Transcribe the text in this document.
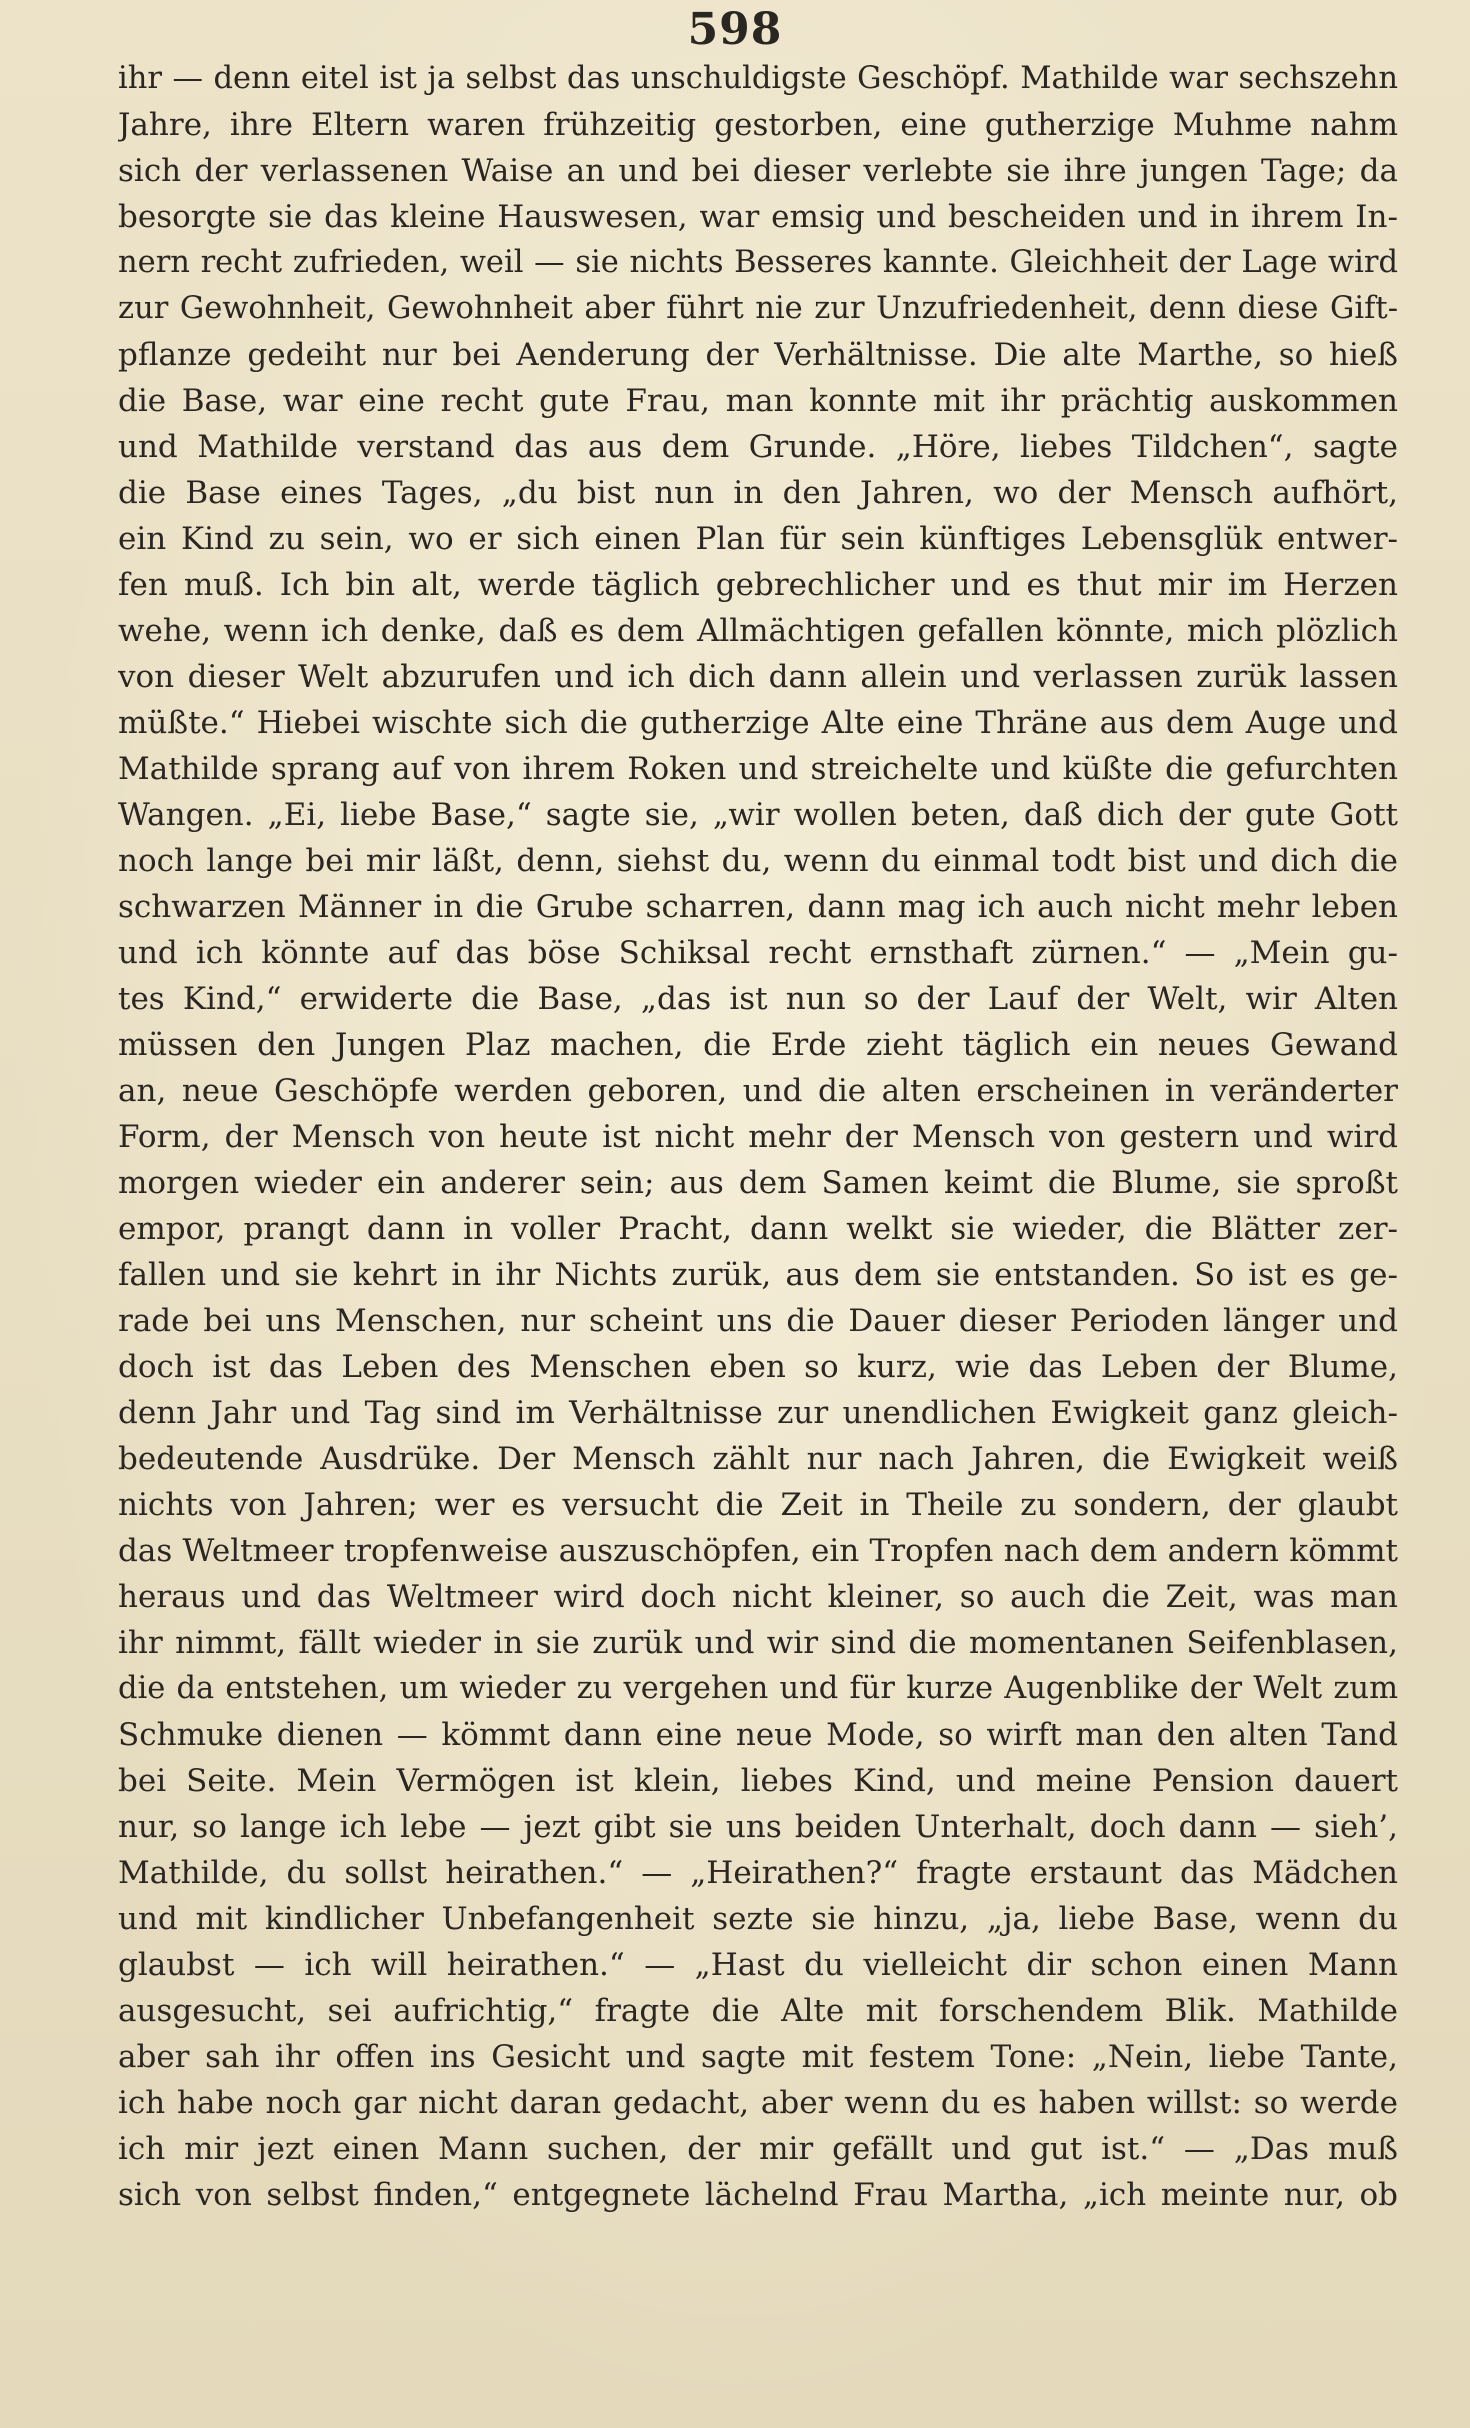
598
ihr — denn eitel ist ja selbst das unschuldigste Geschöpf. Mathilde war sechszehn
Jahre, ihre Eltern waren frühzeitig gestorben, eine gutherzige Muhme nahm
sich der verlassenen Waise an und bei dieser verlebte sie ihre jungen Tage; da
besorgte sie das kleine Hauswesen, war emsig und bescheiden und in ihrem In-
nern recht zufrieden, weil — sie nichts Besseres kannte. Gleichheit der Lage wird
zur Gewohnheit, Gewohnheit aber führt nie zur Unzufriedenheit, denn diese Gift-
pflanze gedeiht nur bei Aenderung der Verhältnisse. Die alte Marthe, so hieß
die Base, war eine recht gute Frau, man konnte mit ihr prächtig auskommen
und Mathilde verstand das aus dem Grunde. „Höre, liebes Tildchen“, sagte
die Base eines Tages, „du bist nun in den Jahren, wo der Mensch aufhört,
ein Kind zu sein, wo er sich einen Plan für sein künftiges Lebensglük entwer-
fen muß. Ich bin alt, werde täglich gebrechlicher und es thut mir im Herzen
wehe, wenn ich denke, daß es dem Allmächtigen gefallen könnte, mich plözlich
von dieser Welt abzurufen und ich dich dann allein und verlassen zurük lassen
müßte.“ Hiebei wischte sich die gutherzige Alte eine Thräne aus dem Auge und
Mathilde sprang auf von ihrem Roken und streichelte und küßte die gefurchten
Wangen. „Ei, liebe Base,“ sagte sie, „wir wollen beten, daß dich der gute Gott
noch lange bei mir läßt, denn, siehst du, wenn du einmal todt bist und dich die
schwarzen Männer in die Grube scharren, dann mag ich auch nicht mehr leben
und ich könnte auf das böse Schiksal recht ernsthaft zürnen.“ — „Mein gu-
tes Kind,“ erwiderte die Base, „das ist nun so der Lauf der Welt, wir Alten
müssen den Jungen Plaz machen, die Erde zieht täglich ein neues Gewand
an, neue Geschöpfe werden geboren, und die alten erscheinen in veränderter
Form, der Mensch von heute ist nicht mehr der Mensch von gestern und wird
morgen wieder ein anderer sein; aus dem Samen keimt die Blume, sie sproßt
empor, prangt dann in voller Pracht, dann welkt sie wieder, die Blätter zer-
fallen und sie kehrt in ihr Nichts zurük, aus dem sie entstanden. So ist es ge-
rade bei uns Menschen, nur scheint uns die Dauer dieser Perioden länger und
doch ist das Leben des Menschen eben so kurz, wie das Leben der Blume,
denn Jahr und Tag sind im Verhältnisse zur unendlichen Ewigkeit ganz gleich-
bedeutende Ausdrüke. Der Mensch zählt nur nach Jahren, die Ewigkeit weiß
nichts von Jahren; wer es versucht die Zeit in Theile zu sondern, der glaubt
das Weltmeer tropfenweise auszuschöpfen, ein Tropfen nach dem andern kömmt
heraus und das Weltmeer wird doch nicht kleiner, so auch die Zeit, was man
ihr nimmt, fällt wieder in sie zurük und wir sind die momentanen Seifenblasen,
die da entstehen, um wieder zu vergehen und für kurze Augenblike der Welt zum
Schmuke dienen — kömmt dann eine neue Mode, so wirft man den alten Tand
bei Seite. Mein Vermögen ist klein, liebes Kind, und meine Pension dauert
nur, so lange ich lebe — jezt gibt sie uns beiden Unterhalt, doch dann — sieh’,
Mathilde, du sollst heirathen.“ — „Heirathen?“ fragte erstaunt das Mädchen
und mit kindlicher Unbefangenheit sezte sie hinzu, „ja, liebe Base, wenn du
glaubst — ich will heirathen.“ — „Hast du vielleicht dir schon einen Mann
ausgesucht, sei aufrichtig,“ fragte die Alte mit forschendem Blik. Mathilde
aber sah ihr offen ins Gesicht und sagte mit festem Tone: „Nein, liebe Tante,
ich habe noch gar nicht daran gedacht, aber wenn du es haben willst: so werde
ich mir jezt einen Mann suchen, der mir gefällt und gut ist.“ — „Das muß
sich von selbst finden,“ entgegnete lächelnd Frau Martha, „ich meinte nur, ob
